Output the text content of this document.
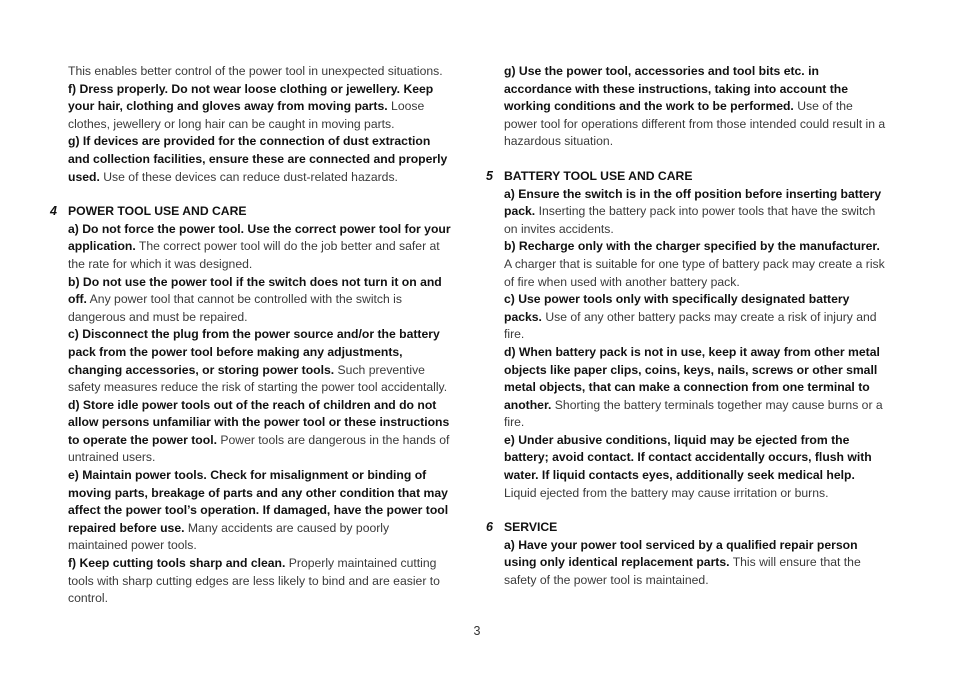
This enables better control of the power tool in unexpected situations.

f) Dress properly. Do not wear loose clothing or jewellery. Keep your hair, clothing and gloves away from moving parts. Loose clothes, jewellery or long hair can be caught in moving parts.

g) If devices are provided for the connection of dust extraction and collection facilities, ensure these are connected and properly used. Use of these devices can reduce dust-related hazards.

4 POWER TOOL USE AND CARE

a) Do not force the power tool. Use the correct power tool for your application. The correct power tool will do the job better and safer at the rate for which it was designed.

b) Do not use the power tool if the switch does not turn it on and off. Any power tool that cannot be controlled with the switch is dangerous and must be repaired.

c) Disconnect the plug from the power source and/or the battery pack from the power tool before making any adjustments, changing accessories, or storing power tools. Such preventive safety measures reduce the risk of starting the power tool accidentally.

d) Store idle power tools out of the reach of children and do not allow persons unfamiliar with the power tool or these instructions to operate the power tool. Power tools are dangerous in the hands of untrained users.

e) Maintain power tools. Check for misalignment or binding of moving parts, breakage of parts and any other condition that may affect the power tool’s operation. If damaged, have the power tool repaired before use. Many accidents are caused by poorly maintained power tools.

f) Keep cutting tools sharp and clean. Properly maintained cutting tools with sharp cutting edges are less likely to bind and are easier to control.

g) Use the power tool, accessories and tool bits etc. in accordance with these instructions, taking into account the working conditions and the work to be performed. Use of the power tool for operations different from those intended could result in a hazardous situation.

5 BATTERY TOOL USE AND CARE

a) Ensure the switch is in the off position before inserting battery pack. Inserting the battery pack into power tools that have the switch on invites accidents.

b) Recharge only with the charger specified by the manufacturer. A charger that is suitable for one type of battery pack may create a risk of fire when used with another battery pack.

c) Use power tools only with specifically designated battery packs. Use of any other battery packs may create a risk of injury and fire.

d) When battery pack is not in use, keep it away from other metal objects like paper clips, coins, keys, nails, screws or other small metal objects, that can make a connection from one terminal to another. Shorting the battery terminals together may cause burns or a fire.

e) Under abusive conditions, liquid may be ejected from the battery; avoid contact. If contact accidentally occurs, flush with water. If liquid contacts eyes, additionally seek medical help. Liquid ejected from the battery may cause irritation or burns.

6 SERVICE

a) Have your power tool serviced by a qualified repair person using only identical replacement parts. This will ensure that the safety of the power tool is maintained.

3
